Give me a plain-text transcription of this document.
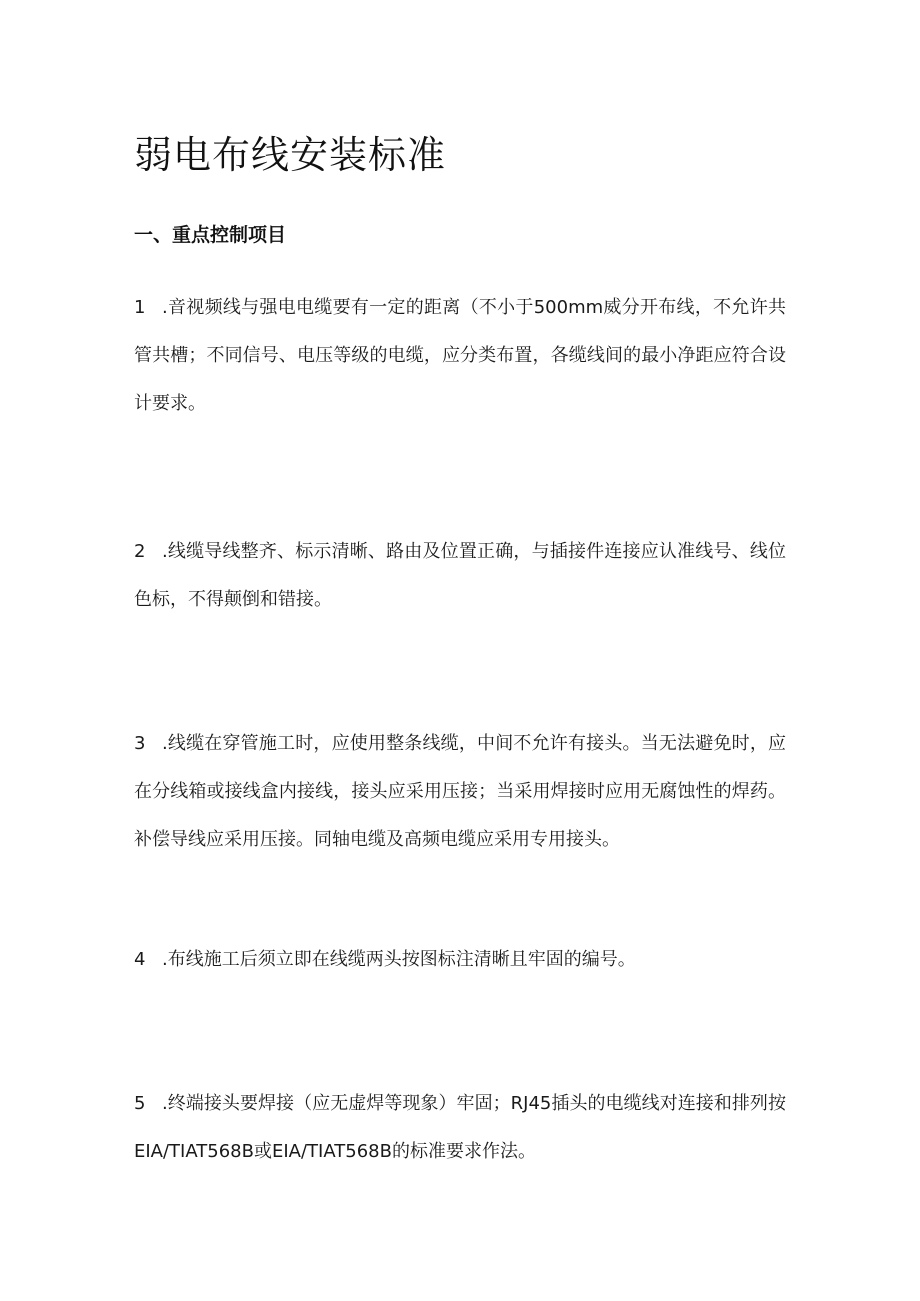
弱电布线安装标准
一、重点控制项目

1 .音视频线与强电电缆要有一定的距离（不小于500mm威分开布线，不允许共管共槽；不同信号、电压等级的电缆，应分类布置，各缆线间的最小净距应符合设计要求。

2 .线缆导线整齐、标示清晰、路由及位置正确，与插接件连接应认准线号、线位色标，不得颠倒和错接。

3 .线缆在穿管施工时，应使用整条线缆，中间不允许有接头。当无法避免时，应在分线箱或接线盒内接线，接头应采用压接；当采用焊接时应用无腐蚀性的焊药。补偿导线应采用压接。同轴电缆及高频电缆应采用专用接头。

4 .布线施工后须立即在线缆两头按图标注清晰且牢固的编号。

5 .终端接头要焊接（应无虚焊等现象）牢固；RJ45插头的电缆线对连接和排列按EIA/TIAT568B或EIA/TIAT568B的标准要求作法。
